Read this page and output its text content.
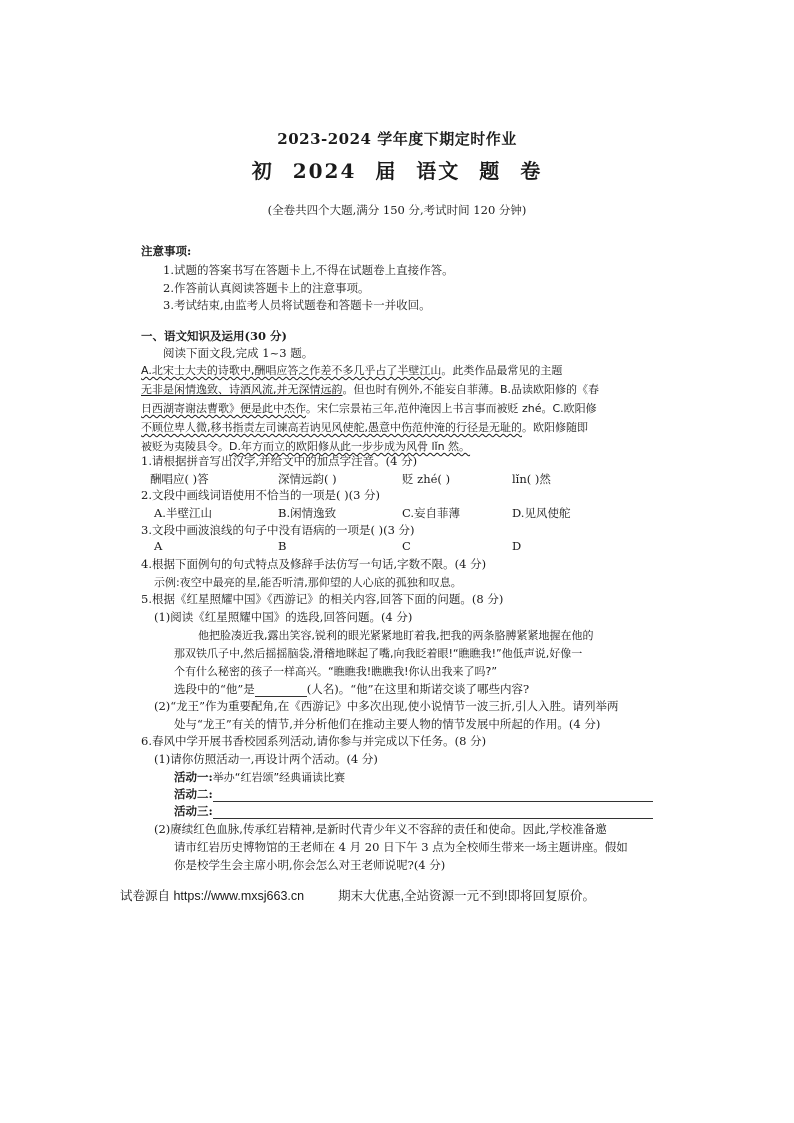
2023-2024 学年度下期定时作业
初 2024 届 语文 题 卷
(全卷共四个大题,满分 150 分,考试时间 120 分钟)
注意事项:
1.试题的答案书写在答题卡上,不得在试题卷上直接作答。
2.作答前认真阅读答题卡上的注意事项。
3.考试结束,由监考人员将试题卷和答题卡一并收回。
一、语文知识及运用(30 分)
阅读下面文段,完成 1~3 题。
A.北宋士大夫的诗歌中,酬唱应答之作差不多几乎占了半壁江山。此类作品最常见的主题
无非是闲情逸致、诗酒风流,并无深情远韵。但也时有例外,不能妄自菲薄。B.品读欧阳修的《春
日西湖寄谢法曹歌》便是此中杰作。宋仁宗景祐三年,范仲淹因上书言事而被贬 zhé。C.欧阳修
不顾位卑人微,移书指责左司谏高若讷见风使舵,愚意中伤范仲淹的行径是无耻的。欧阳修随即
被贬为夷陵县令。D.年方而立的欧阳修从此一步步成为风骨 lǐn 然。
1.请根据拼音写出汉字,并给文中的加点字注音。(4 分)
酬唱应( )答	深情远韵( )	贬 zhé( )	lǐn( )然
2.文段中画线词语使用不恰当的一项是( )(3 分)
A.半壁江山	B.闲情逸致	C.妄自菲薄	D.见风使舵
3.文段中画波浪线的句子中没有语病的一项是( )(3 分)
A	B	C	D
4.根据下面例句的句式特点及修辞手法仿写一句话,字数不限。(4 分)
示例:夜空中最亮的星,能否听清,那仰望的人心底的孤独和叹息。
5.根据《红星照耀中国》《西游记》的相关内容,回答下面的问题。(8 分)
(1)阅读《红星照耀中国》的选段,回答问题。(4 分)
他把脸凑近我,露出笑容,锐利的眼光紧紧地盯着我,把我的两条胳膊紧紧地握在他的
那双铁爪子中,然后摇摇脑袋,滑稽地眯起了嘴,向我眨着眼!“瞧瞧我!”他低声说,好像一
个有什么秘密的孩子一样高兴。“瞧瞧我!瞧瞧我!你认出我来了吗?”
选段中的“他”是	(人名)。“他”在这里和斯诺交谈了哪些内容?
(2)“龙王”作为重要配角,在《西游记》中多次出现,使小说情节一波三折,引人入胜。请列举两
处与“龙王”有关的情节,并分析他们在推动主要人物的情节发展中所起的作用。(4 分)
6.春风中学开展书香校园系列活动,请你参与并完成以下任务。(8 分)
(1)请你仿照活动一,再设计两个活动。(4 分)
活动一:举办“红岩颂”经典诵读比赛
活动二:
活动三:
(2)赓续红色血脉,传承红岩精神,是新时代青少年义不容辞的责任和使命。因此,学校准备邀
请市红岩历史博物馆的王老师在 4 月 20 日下午 3 点为全校师生带来一场主题讲座。假如
你是校学生会主席小明,你会怎么对王老师说呢?(4 分)
试卷源自 https://www.mxsj663.cn	期末大优惠,全站资源一元不到!即将回复原价。
